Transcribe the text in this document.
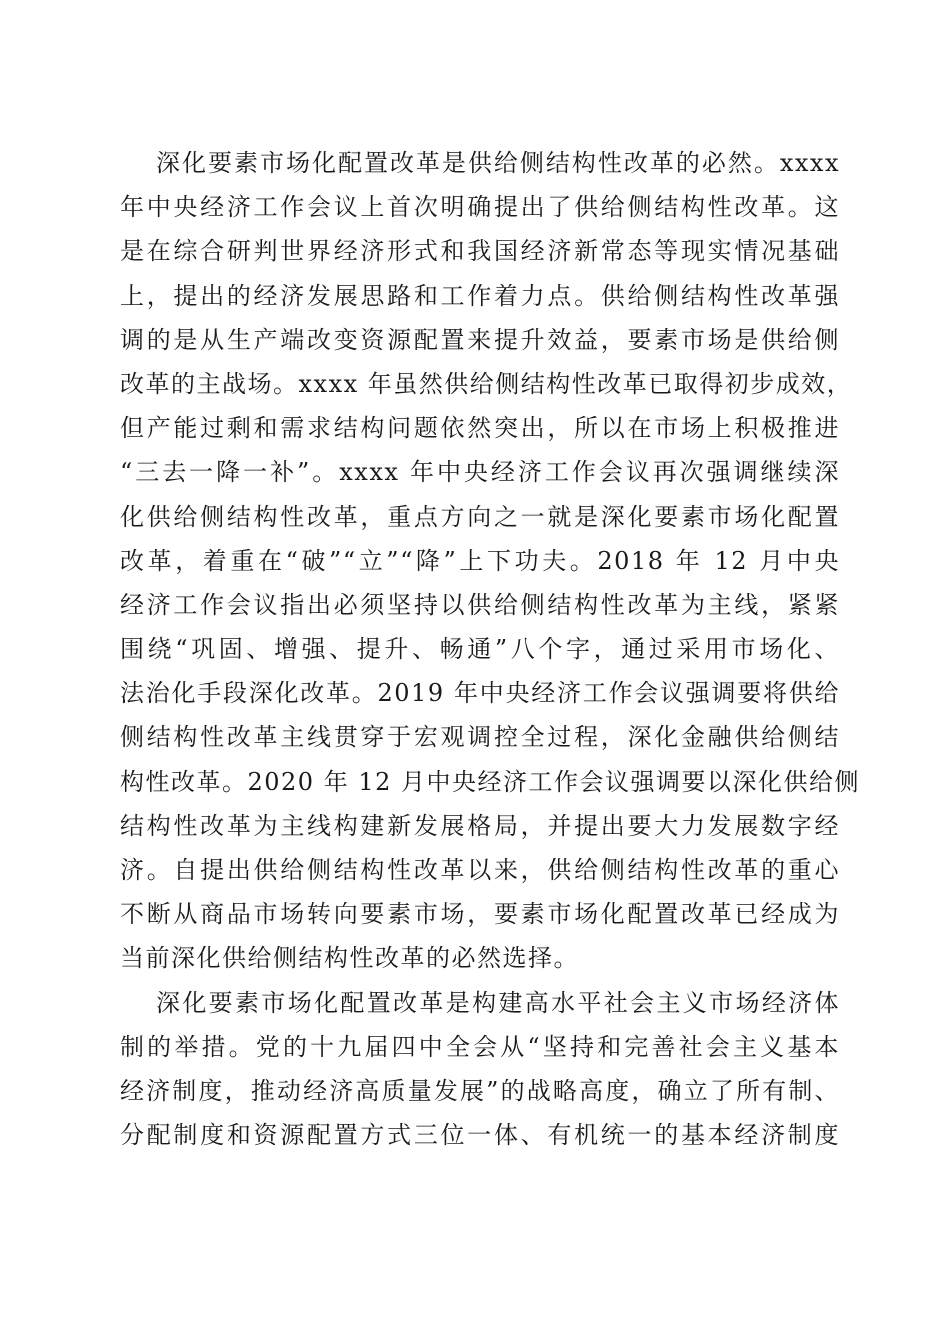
深化要素市场化配置改革是供给侧结构性改革的必然。xxxx
年中央经济工作会议上首次明确提出了供给侧结构性改革。这
是在综合研判世界经济形式和我国经济新常态等现实情况基础
上，提出的经济发展思路和工作着力点。供给侧结构性改革强
调的是从生产端改变资源配置来提升效益，要素市场是供给侧
改革的主战场。xxxx 年虽然供给侧结构性改革已取得初步成效，
但产能过剩和需求结构问题依然突出，所以在市场上积极推进
“三去一降一补”。xxxx 年中央经济工作会议再次强调继续深
化供给侧结构性改革，重点方向之一就是深化要素市场化配置
改革，着重在“破”“立”“降”上下功夫。2018 年 12 月中央
经济工作会议指出必须坚持以供给侧结构性改革为主线，紧紧
围绕“巩固、增强、提升、畅通”八个字，通过采用市场化、
法治化手段深化改革。2019 年中央经济工作会议强调要将供给
侧结构性改革主线贯穿于宏观调控全过程，深化金融供给侧结
构性改革。2020 年 12 月中央经济工作会议强调要以深化供给侧
结构性改革为主线构建新发展格局，并提出要大力发展数字经
济。自提出供给侧结构性改革以来，供给侧结构性改革的重心
不断从商品市场转向要素市场，要素市场化配置改革已经成为
当前深化供给侧结构性改革的必然选择。
深化要素市场化配置改革是构建高水平社会主义市场经济体
制的举措。党的十九届四中全会从“坚持和完善社会主义基本
经济制度，推动经济高质量发展”的战略高度，确立了所有制、
分配制度和资源配置方式三位一体、有机统一的基本经济制度
